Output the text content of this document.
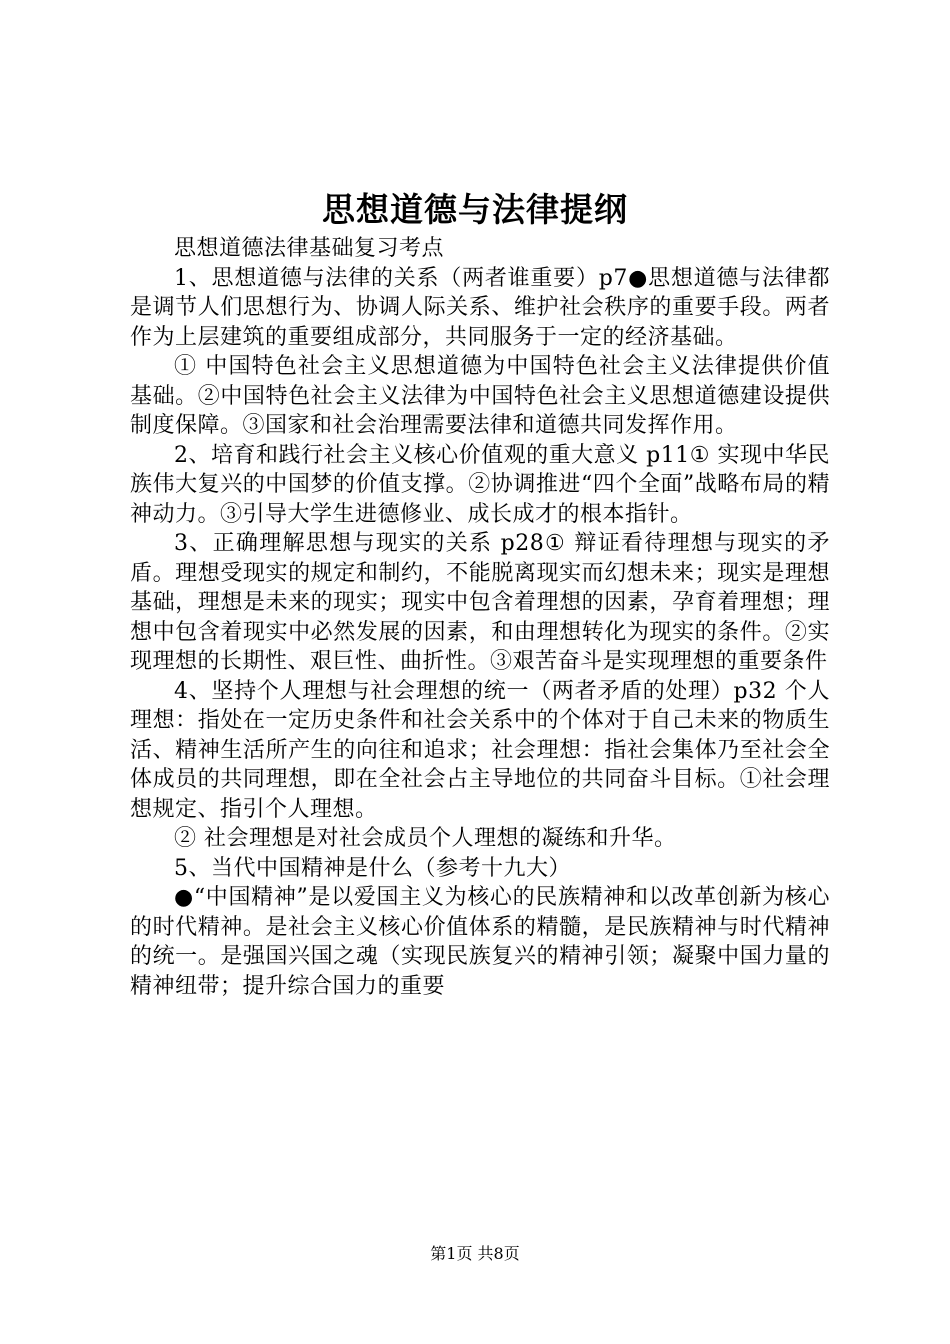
思想道德与法律提纲

思想道德法律基础复习考点

1、思想道德与法律的关系（两者谁重要）p7●思想道德与法律都是调节人们思想行为、协调人际关系、维护社会秩序的重要手段。两者作为上层建筑的重要组成部分，共同服务于一定的经济基础。

① 中国特色社会主义思想道德为中国特色社会主义法律提供价值基础。②中国特色社会主义法律为中国特色社会主义思想道德建设提供制度保障。③国家和社会治理需要法律和道德共同发挥作用。

2、培育和践行社会主义核心价值观的重大意义 p11① 实现中华民族伟大复兴的中国梦的价值支撑。②协调推进“四个全面”战略布局的精神动力。③引导大学生进德修业、成长成才的根本指针。

3、正确理解思想与现实的关系 p28① 辩证看待理想与现实的矛盾。理想受现实的规定和制约，不能脱离现实而幻想未来；现实是理想基础，理想是未来的现实；现实中包含着理想的因素，孕育着理想；理想中包含着现实中必然发展的因素，和由理想转化为现实的条件。②实现理想的长期性、艰巨性、曲折性。③艰苦奋斗是实现理想的重要条件

4、坚持个人理想与社会理想的统一（两者矛盾的处理）p32 个人理想：指处在一定历史条件和社会关系中的个体对于自己未来的物质生活、精神生活所产生的向往和追求；社会理想：指社会集体乃至社会全体成员的共同理想，即在全社会占主导地位的共同奋斗目标。①社会理想规定、指引个人理想。

② 社会理想是对社会成员个人理想的凝练和升华。

5、当代中国精神是什么（参考十九大）

●“中国精神”是以爱国主义为核心的民族精神和以改革创新为核心的时代精神。是社会主义核心价值体系的精髓，是民族精神与时代精神的统一。是强国兴国之魂（实现民族复兴的精神引领；凝聚中国力量的精神纽带；提升综合国力的重要

第1页 共8页
